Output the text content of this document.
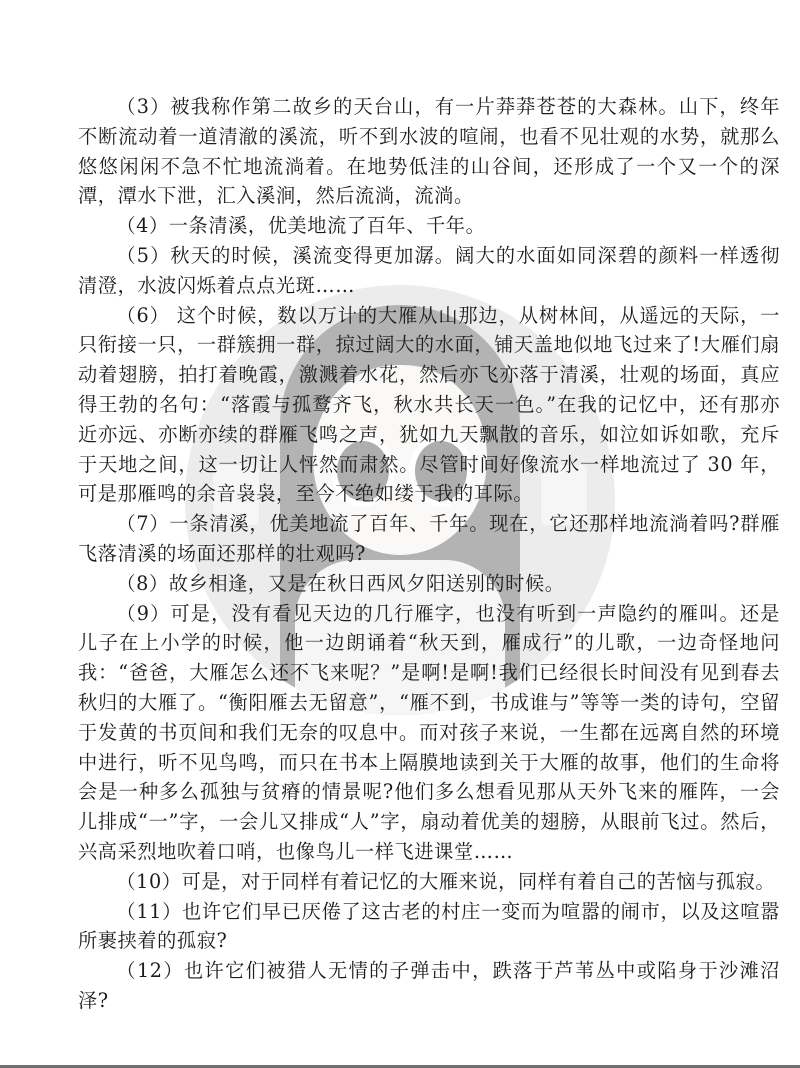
（3）被我称作第二故乡的天台山，有一片莽莽苍苍的大森林。山下，终年不断流动着一道清澈的溪流，听不到水波的喧闹，也看不见壮观的水势，就那么悠悠闲闲不急不忙地流淌着。在地势低洼的山谷间，还形成了一个又一个的深潭，潭水下泄，汇入溪涧，然后流淌，流淌。

（4）一条清溪，优美地流了百年、千年。

（5）秋天的时候，溪流变得更加潺。阔大的水面如同深碧的颜料一样透彻清澄，水波闪烁着点点光斑……

（6） 这个时候，数以万计的大雁从山那边，从树林间，从遥远的天际，一只衔接一只，一群簇拥一群，掠过阔大的水面，铺天盖地似地飞过来了!大雁们扇动着翅膀，拍打着晚霞，激溅着水花，然后亦飞亦落于清溪，壮观的场面，真应得王勃的名句：“落霞与孤鹜齐飞，秋水共长天一色。”在我的记忆中，还有那亦近亦远、亦断亦续的群雁飞鸣之声，犹如九天飘散的音乐，如泣如诉如歌，充斥于天地之间，这一切让人怦然而肃然。尽管时间好像流水一样地流过了 30 年，可是那雁鸣的余音袅袅，至今不绝如缕于我的耳际。

（7）一条清溪，优美地流了百年、千年。现在，它还那样地流淌着吗?群雁飞落清溪的场面还那样的壮观吗?

（8）故乡相逢，又是在秋日西风夕阳送别的时候。

（9）可是，没有看见天边的几行雁字，也没有听到一声隐约的雁叫。还是儿子在上小学的时候，他一边朗诵着“秋天到，雁成行”的儿歌，一边奇怪地问我：“爸爸，大雁怎么还不飞来呢？”是啊!是啊!我们已经很长时间没有见到春去秋归的大雁了。“衡阳雁去无留意”，“雁不到，书成谁与”等等一类的诗句，空留于发黄的书页间和我们无奈的叹息中。而对孩子来说，一生都在远离自然的环境中进行，听不见鸟鸣，而只在书本上隔膜地读到关于大雁的故事，他们的生命将会是一种多么孤独与贫瘠的情景呢?他们多么想看见那从天外飞来的雁阵，一会儿排成“一”字，一会儿又排成“人”字，扇动着优美的翅膀，从眼前飞过。然后，兴高采烈地吹着口哨，也像鸟儿一样飞进课堂……

（10）可是，对于同样有着记忆的大雁来说，同样有着自己的苦恼与孤寂。

（11）也许它们早已厌倦了这古老的村庄一变而为喧嚣的闹市，以及这喧嚣所裹挟着的孤寂?

（12）也许它们被猎人无情的子弹击中，跌落于芦苇丛中或陷身于沙滩沼泽?
